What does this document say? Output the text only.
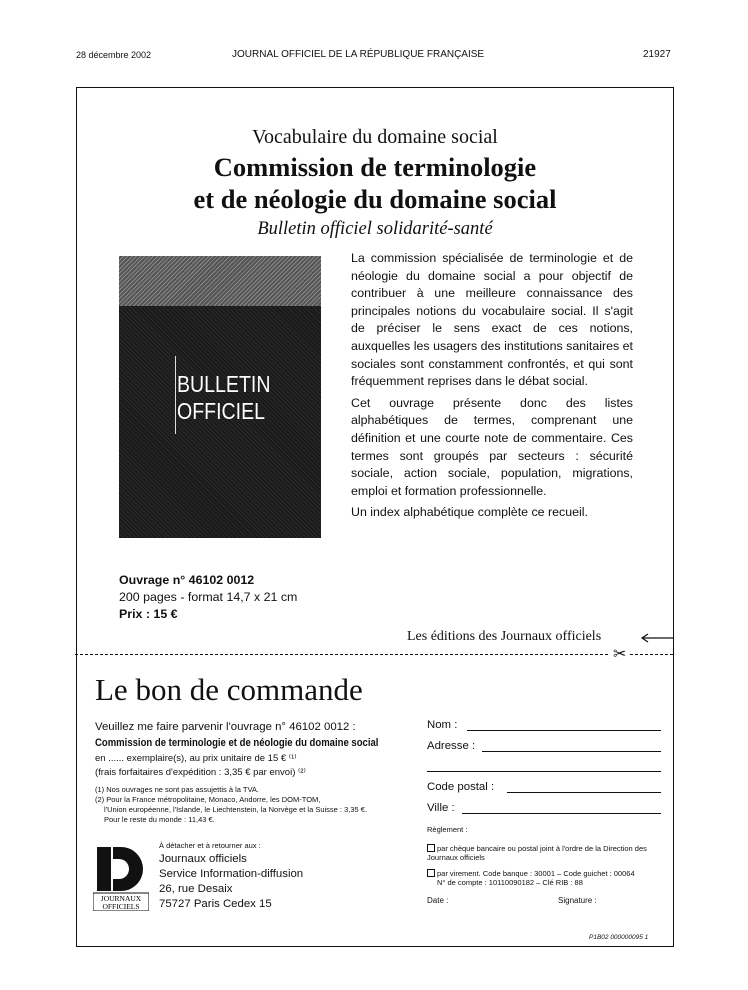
28 décembre 2002	JOURNAL OFFICIEL DE LA RÉPUBLIQUE FRANÇAISE	21927
Vocabulaire du domaine social
Commission de terminologie
et de néologie du domaine social
Bulletin officiel solidarité-santé
BULLETIN
OFFICIEL

La commission spécialisée de terminologie et de néologie du domaine social a pour objectif de contribuer à une meilleure connaissance des principales notions du vocabulaire social. Il s'agit de préciser le sens exact de ces notions, auxquelles les usagers des institutions sanitaires et sociales sont constamment confrontés, et qui sont fréquemment reprises dans le débat social.

Cet ouvrage présente donc des listes alphabétiques de termes, comprenant une définition et une courte note de commentaire. Ces termes sont groupés par secteurs : sécurité sociale, action sociale, population, migrations, emploi et formation professionnelle.

Un index alphabétique complète ce recueil.

Ouvrage n° 46102 0012
200 pages - format 14,7 x 21 cm
Prix : 15 €
Les éditions des Journaux officiels
✂
Le bon de commande
Veuillez me faire parvenir l'ouvrage n° 46102 0012 :
Commission de terminologie et de néologie du domaine social
en ...... exemplaire(s), au prix unitaire de 15 € ⁽¹⁾
(frais forfaitaires d'expédition : 3,35 € par envoi) ⁽²⁾
(1) Nos ouvrages ne sont pas assujettis à la TVA.
(2) Pour la France métropolitaine, Monaco, Andorre, les DOM-TOM,
l'Union européenne, l'Islande, le Liechtenstein, la Norvège et la Suisse : 3,35 €.
Pour le reste du monde : 11,43 €.
JOURNAUX
OFFICIELS
À détacher et à retourner aux :
Journaux officiels
Service Information-diffusion
26, rue Desaix
75727 Paris Cedex 15
Nom :
Adresse :
Code postal :
Ville :
Règlement :
par chèque bancaire ou postal joint à l'ordre de la Direction des Journaux officiels
par virement. Code banque : 30001 – Code guichet : 00064
N° de compte : 10110090182 – Clé RIB : 88
Date :	Signature :
P1B02 000000095 1
